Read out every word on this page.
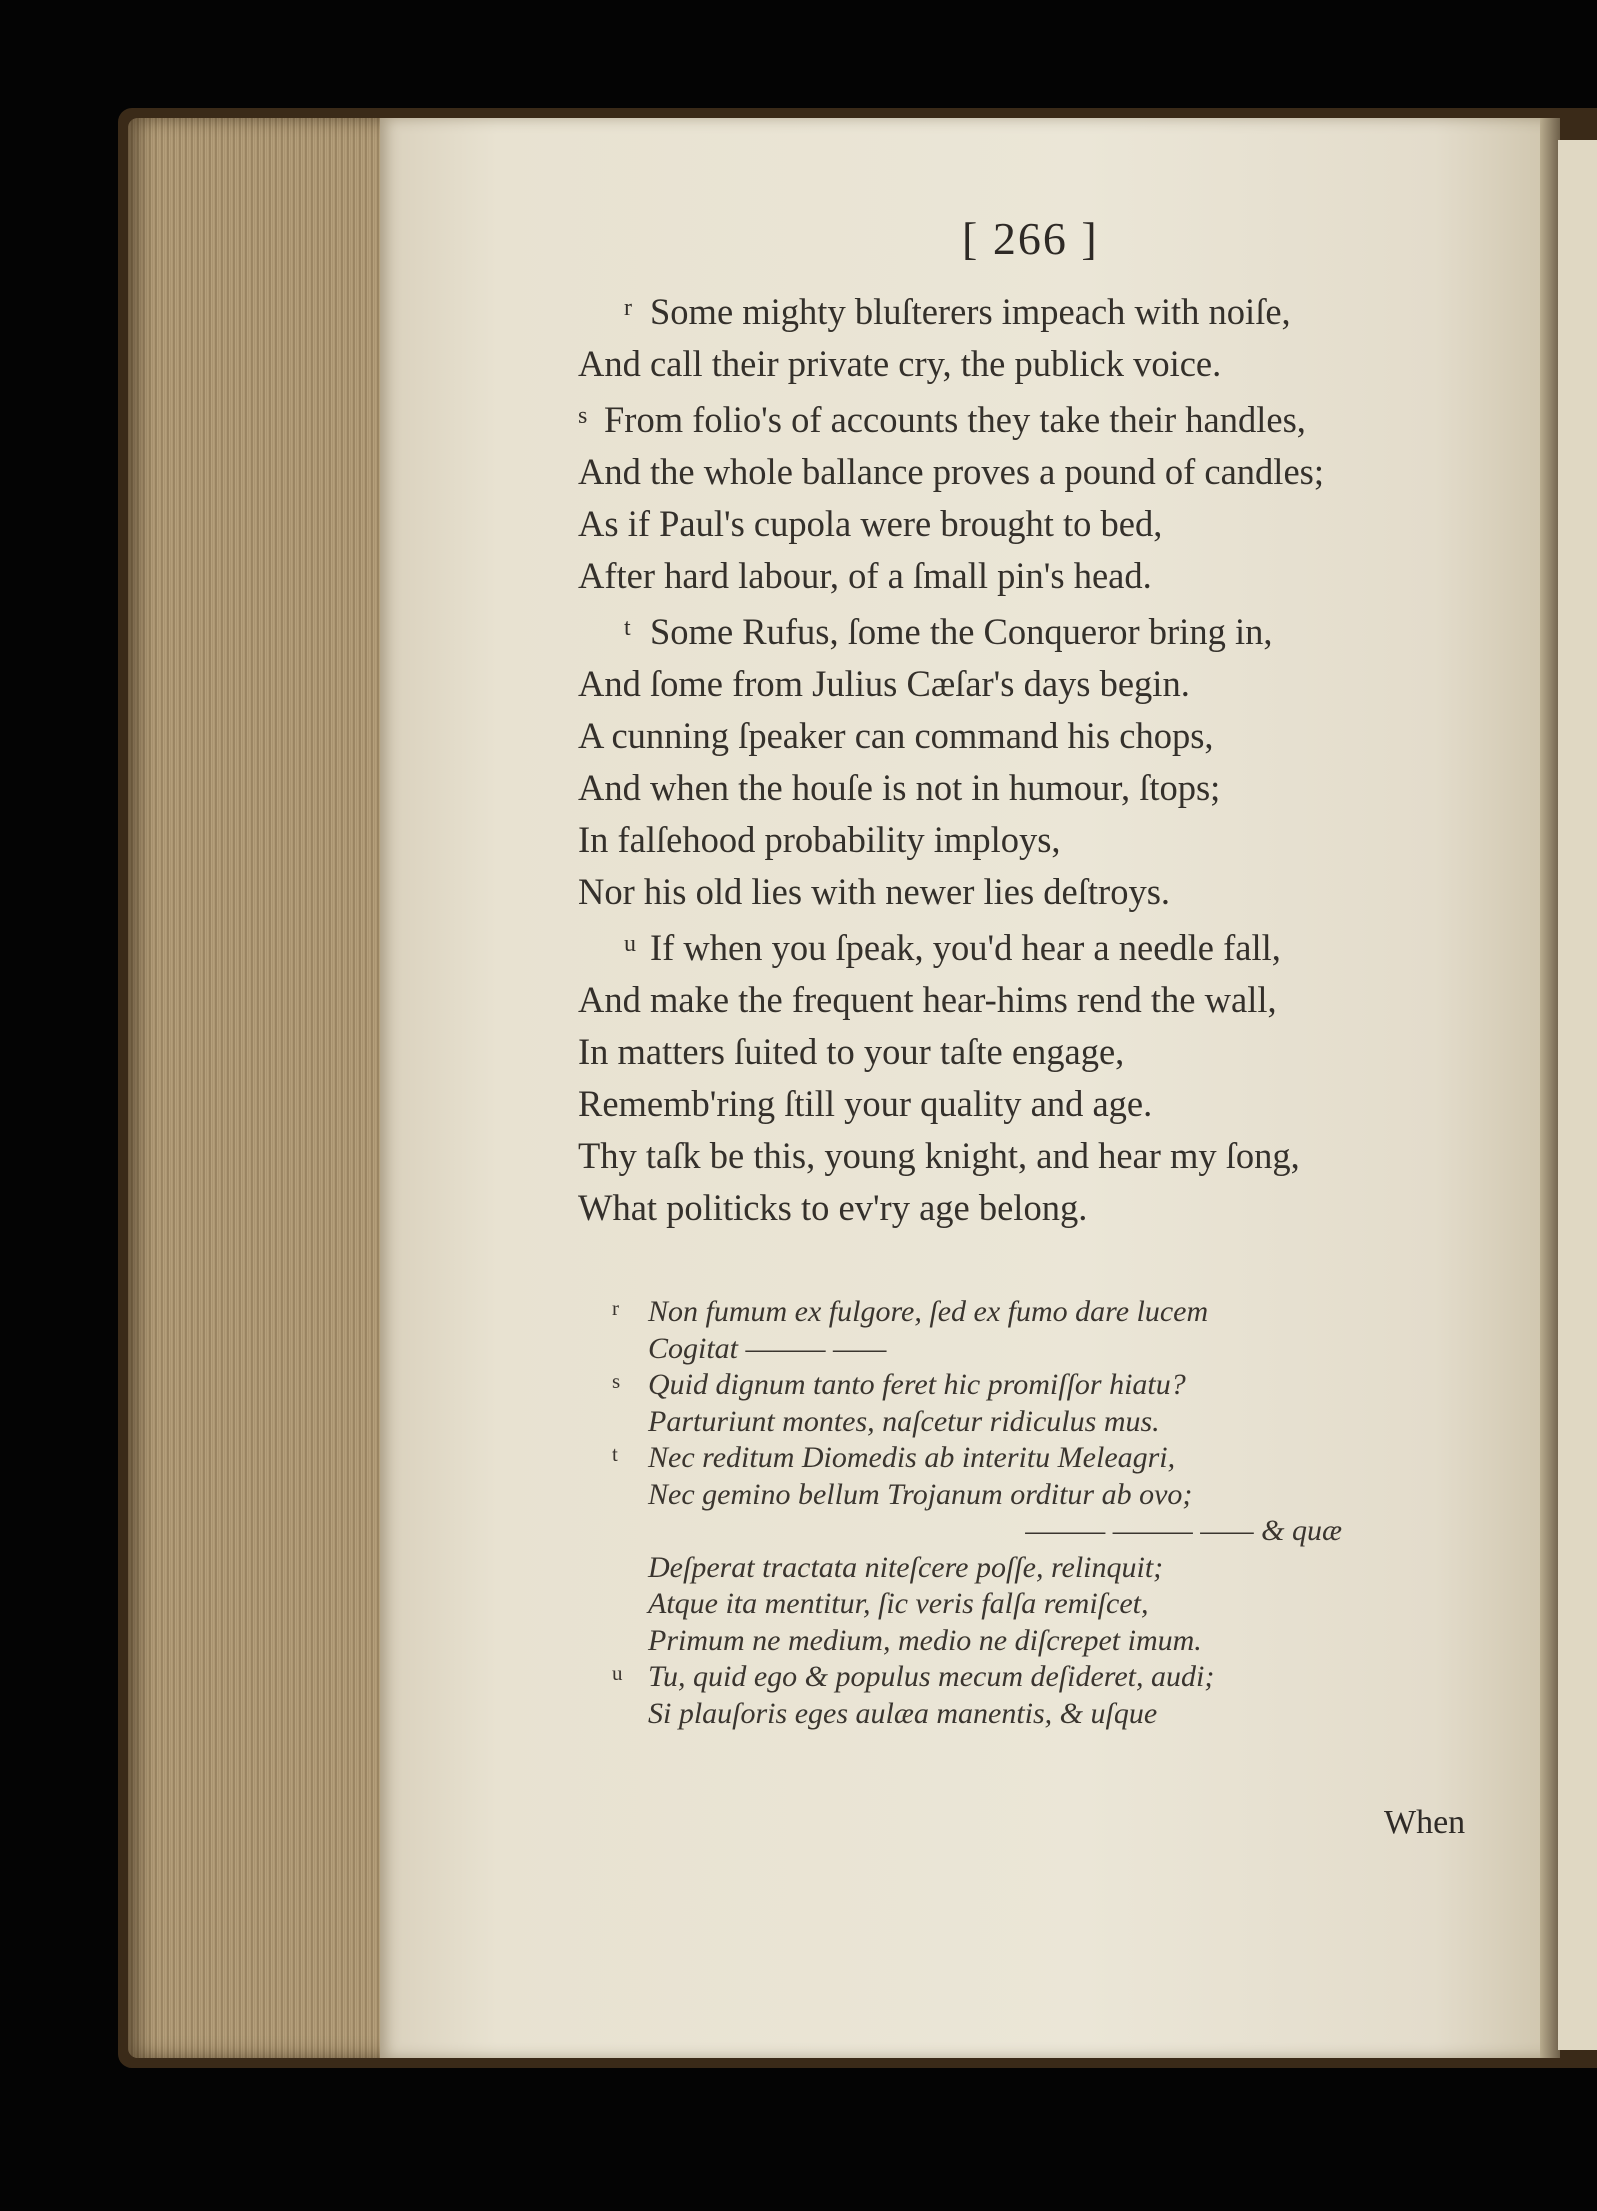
[ 266 ]
r Some mighty bluſterers impeach with noiſe,
And call their private cry, the publick voice.
s From folio's of accounts they take their handles,
And the whole ballance proves a pound of candles;
As if Paul's cupola were brought to bed,
After hard labour, of a ſmall pin's head.
t Some Rufus, ſome the Conqueror bring in,
And ſome from Julius Cæſar's days begin.
A cunning ſpeaker can command his chops,
And when the houſe is not in humour, ſtops;
In falſehood probability imploys,
Nor his old lies with newer lies deſtroys.
u If when you ſpeak, you'd hear a needle fall,
And make the frequent hear-hims rend the wall,
In matters ſuited to your taſte engage,
Rememb'ring ſtill your quality and age.
Thy taſk be this, young knight, and hear my ſong,
What politicks to ev'ry age belong.
r Non fumum ex fulgore, ſed ex fumo dare lucem
Cogitat ——— ——
s Quid dignum tanto feret hic promiſſor hiatu?
Parturiunt montes, naſcetur ridiculus mus.
t Nec reditum Diomedis ab interitu Meleagri,
Nec gemino bellum Trojanum orditur ab ovo;
——— ——— —— & quæ
Deſperat tractata niteſcere poſſe, relinquit;
Atque ita mentitur, ſic veris falſa remiſcet,
Primum ne medium, medio ne diſcrepet imum.
u Tu, quid ego & populus mecum deſideret, audi;
Si plauſoris eges aulæa manentis, & uſque
When
